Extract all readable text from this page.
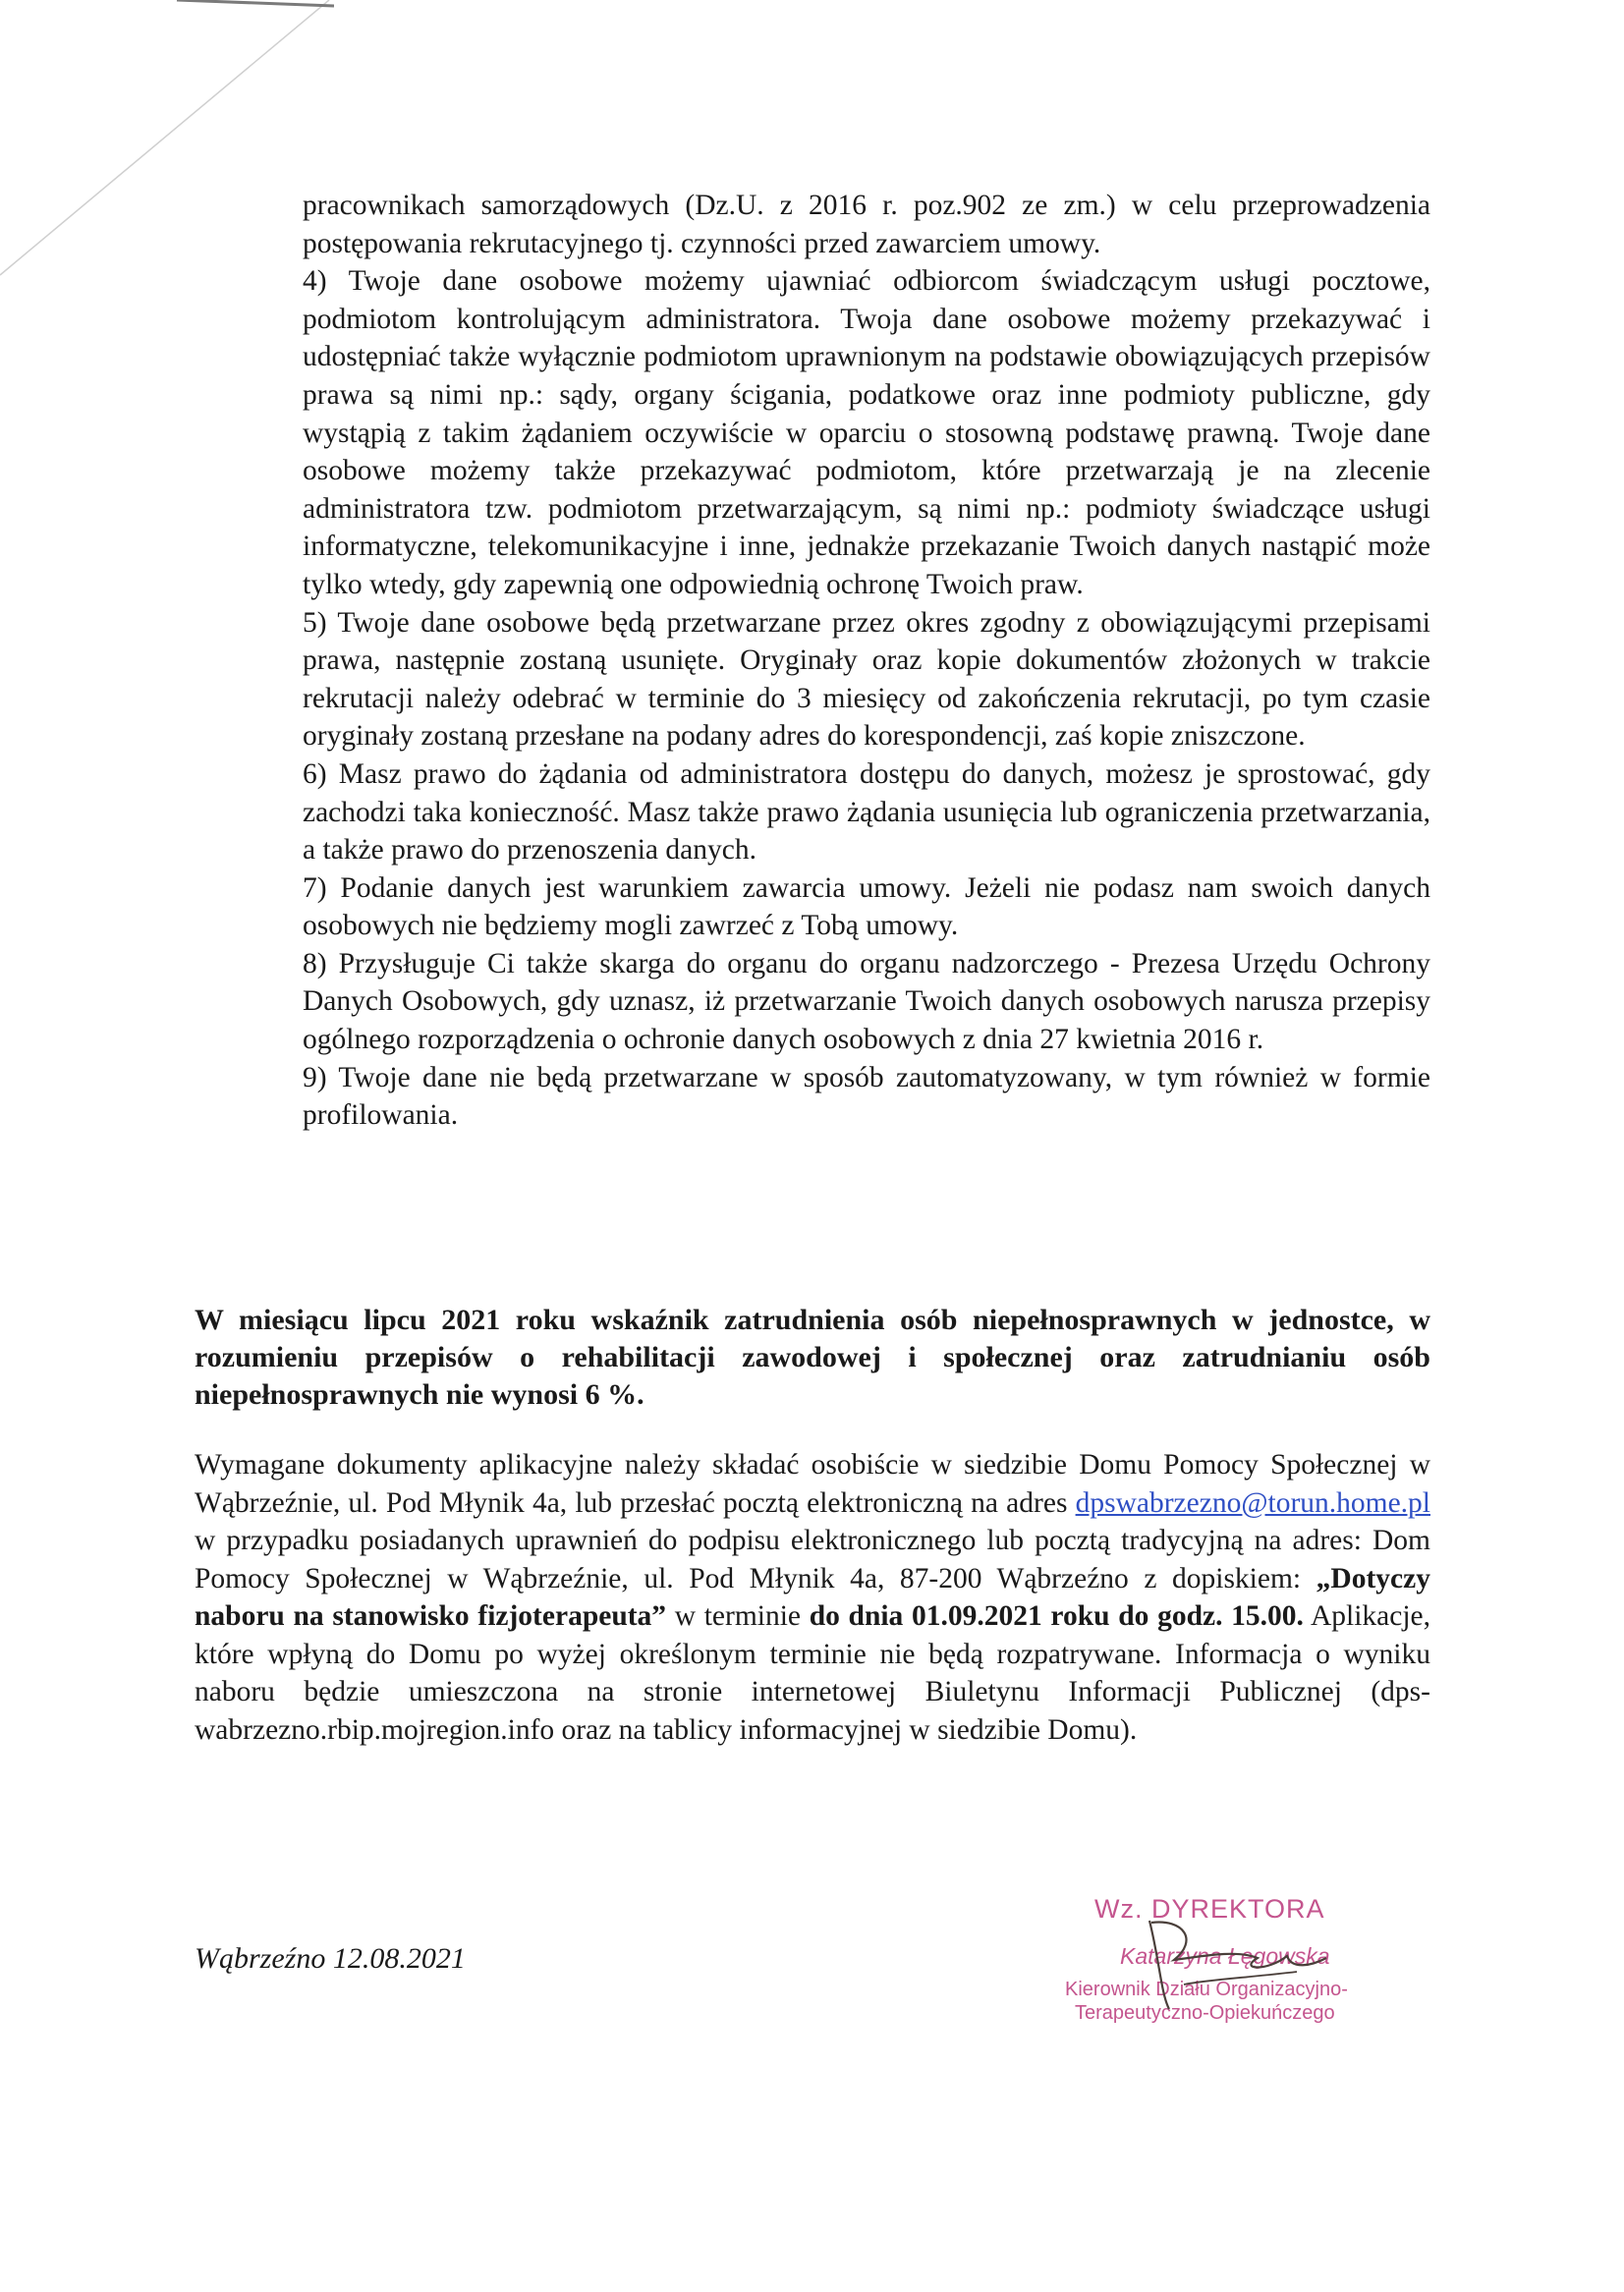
pracownikach samorządowych (Dz.U. z 2016 r. poz.902 ze zm.) w celu przeprowadzenia postępowania rekrutacyjnego tj. czynności przed zawarciem umowy.

4) Twoje dane osobowe możemy ujawniać odbiorcom świadczącym usługi pocztowe, podmiotom kontrolującym administratora. Twoja dane osobowe możemy przekazywać i udostępniać także wyłącznie podmiotom uprawnionym na podstawie obowiązujących przepisów prawa są nimi np.: sądy, organy ścigania, podatkowe oraz inne podmioty publiczne, gdy wystąpią z takim żądaniem oczywiście w oparciu o stosowną podstawę prawną. Twoje dane osobowe możemy także przekazywać podmiotom, które przetwarzają je na zlecenie administratora tzw. podmiotom przetwarzającym, są nimi np.: podmioty świadczące usługi informatyczne, telekomunikacyjne i inne, jednakże przekazanie Twoich danych nastąpić może tylko wtedy, gdy zapewnią one odpowiednią ochronę Twoich praw.

5) Twoje dane osobowe będą przetwarzane przez okres zgodny z obowiązującymi przepisami prawa, następnie zostaną usunięte. Oryginały oraz kopie dokumentów złożonych w trakcie rekrutacji należy odebrać w terminie do 3 miesięcy od zakończenia rekrutacji, po tym czasie oryginały zostaną przesłane na podany adres do korespondencji, zaś kopie zniszczone.

6) Masz prawo do żądania od administratora dostępu do danych, możesz je sprostować, gdy zachodzi taka konieczność. Masz także prawo żądania usunięcia lub ograniczenia przetwarzania, a także prawo do przenoszenia danych.

7) Podanie danych jest warunkiem zawarcia umowy. Jeżeli nie podasz nam swoich danych osobowych nie będziemy mogli zawrzeć z Tobą umowy.

8) Przysługuje Ci także skarga do organu do organu nadzorczego - Prezesa Urzędu Ochrony Danych Osobowych, gdy uznasz, iż przetwarzanie Twoich danych osobowych narusza przepisy ogólnego rozporządzenia o ochronie danych osobowych z dnia 27 kwietnia 2016 r.

9) Twoje dane nie będą przetwarzane w sposób zautomatyzowany, w tym również w formie profilowania.

W miesiącu lipcu 2021 roku wskaźnik zatrudnienia osób niepełnosprawnych w jednostce, w rozumieniu przepisów o rehabilitacji zawodowej i społecznej oraz zatrudnianiu osób niepełnosprawnych nie wynosi 6 %.
Wymagane dokumenty aplikacyjne należy składać osobiście w siedzibie Domu Pomocy Społecznej w Wąbrzeźnie, ul. Pod Młynik 4a, lub przesłać pocztą elektroniczną na adres dpswabrzezno@torun.home.pl w przypadku posiadanych uprawnień do podpisu elektronicznego lub pocztą tradycyjną na adres: Dom Pomocy Społecznej w Wąbrzeźnie, ul. Pod Młynik 4a, 87-200 Wąbrzeźno z dopiskiem: „Dotyczy naboru na stanowisko fizjoterapeuta” w terminie do dnia 01.09.2021 roku do godz. 15.00. Aplikacje, które wpłyną do Domu po wyżej określonym terminie nie będą rozpatrywane. Informacja o wyniku naboru będzie umieszczona na stronie internetowej Biuletynu Informacji Publicznej (dps-wabrzezno.rbip.mojregion.info oraz na tablicy informacyjnej w siedzibie Domu).
Wąbrzeźno 12.08.2021
Wz. DYREKTORA
Katarzyna Łęgowska
Kierownik Działu Organizacyjno-
Terapeutyczno-Opiekuńczego
